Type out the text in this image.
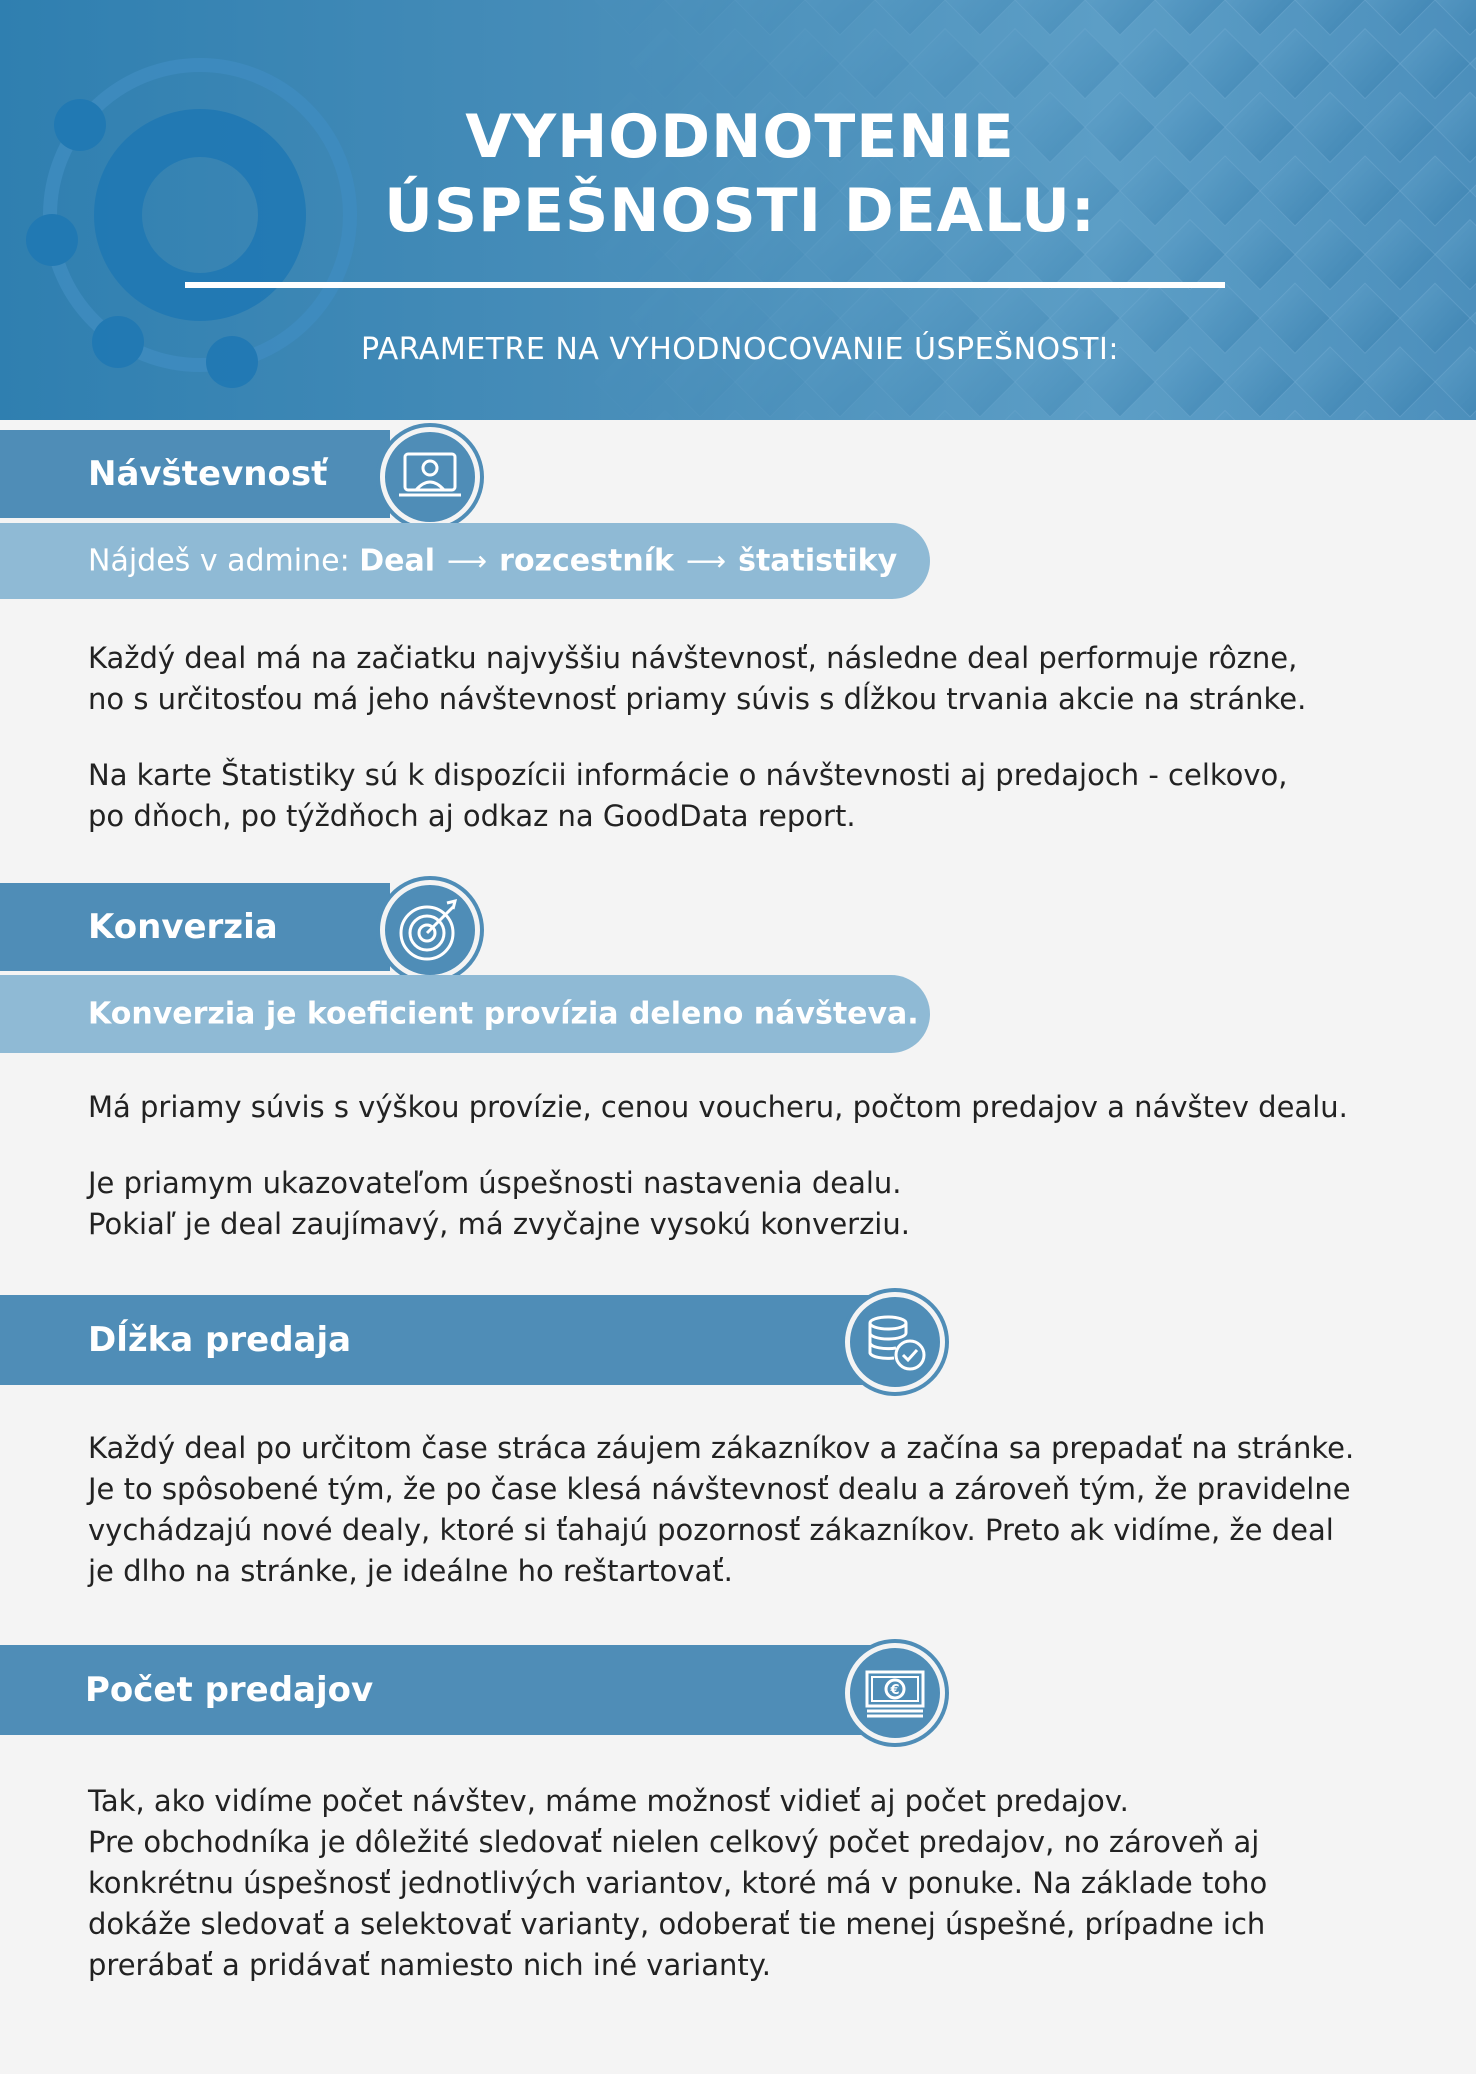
VYHODNOTENIE
ÚSPEŠNOSTI DEALU:
PARAMETRE NA VYHODNOCOVANIE ÚSPEŠNOSTI:
Návštevnosť
Nájdeš v admine: Deal ⟶ rozcestník ⟶ štatistiky

Každý deal má na začiatku najvyššiu návštevnosť, následne deal performuje rôzne,
no s určitosťou má jeho návštevnosť priamy súvis s dĺžkou trvania akcie na stránke.

Na karte Štatistiky sú k dispozícii informácie o návštevnosti aj predajoch - celkovo,
po dňoch, po týždňoch aj odkaz na GoodData report.

Konverzia
Konverzia je koeficient províziа deleno návšteva.

Má priamy súvis s výškou provízie, cenou voucheru, počtom predajov a návštev dealu.

Je priamym ukazovateľom úspešnosti nastavenia dealu.
Pokiaľ je deal zaujímavý, má zvyčajne vysokú konverziu.

Dĺžka predaja

Každý deal po určitom čase stráca záujem zákazníkov a začína sa prepadať na stránke.
Je to spôsobené tým, že po čase klesá návštevnosť dealu a zároveň tým, že pravidelne
vychádzajú nové dealy, ktoré si ťahajú pozornosť zákazníkov. Preto ak vidíme, že deal
je dlho na stránke, je ideálne ho reštartovať.

Počet predajov	€

Tak, ako vidíme počet návštev, máme možnosť vidieť aj počet predajov.
Pre obchodníka je dôležité sledovať nielen celkový počet predajov, no zároveň aj
konkrétnu úspešnosť jednotlivých variantov, ktoré má v ponuke. Na základe toho
dokáže sledovať a selektovať varianty, odoberať tie menej úspešné, prípadne ich
prerábať a pridávať namiesto nich iné varianty.
